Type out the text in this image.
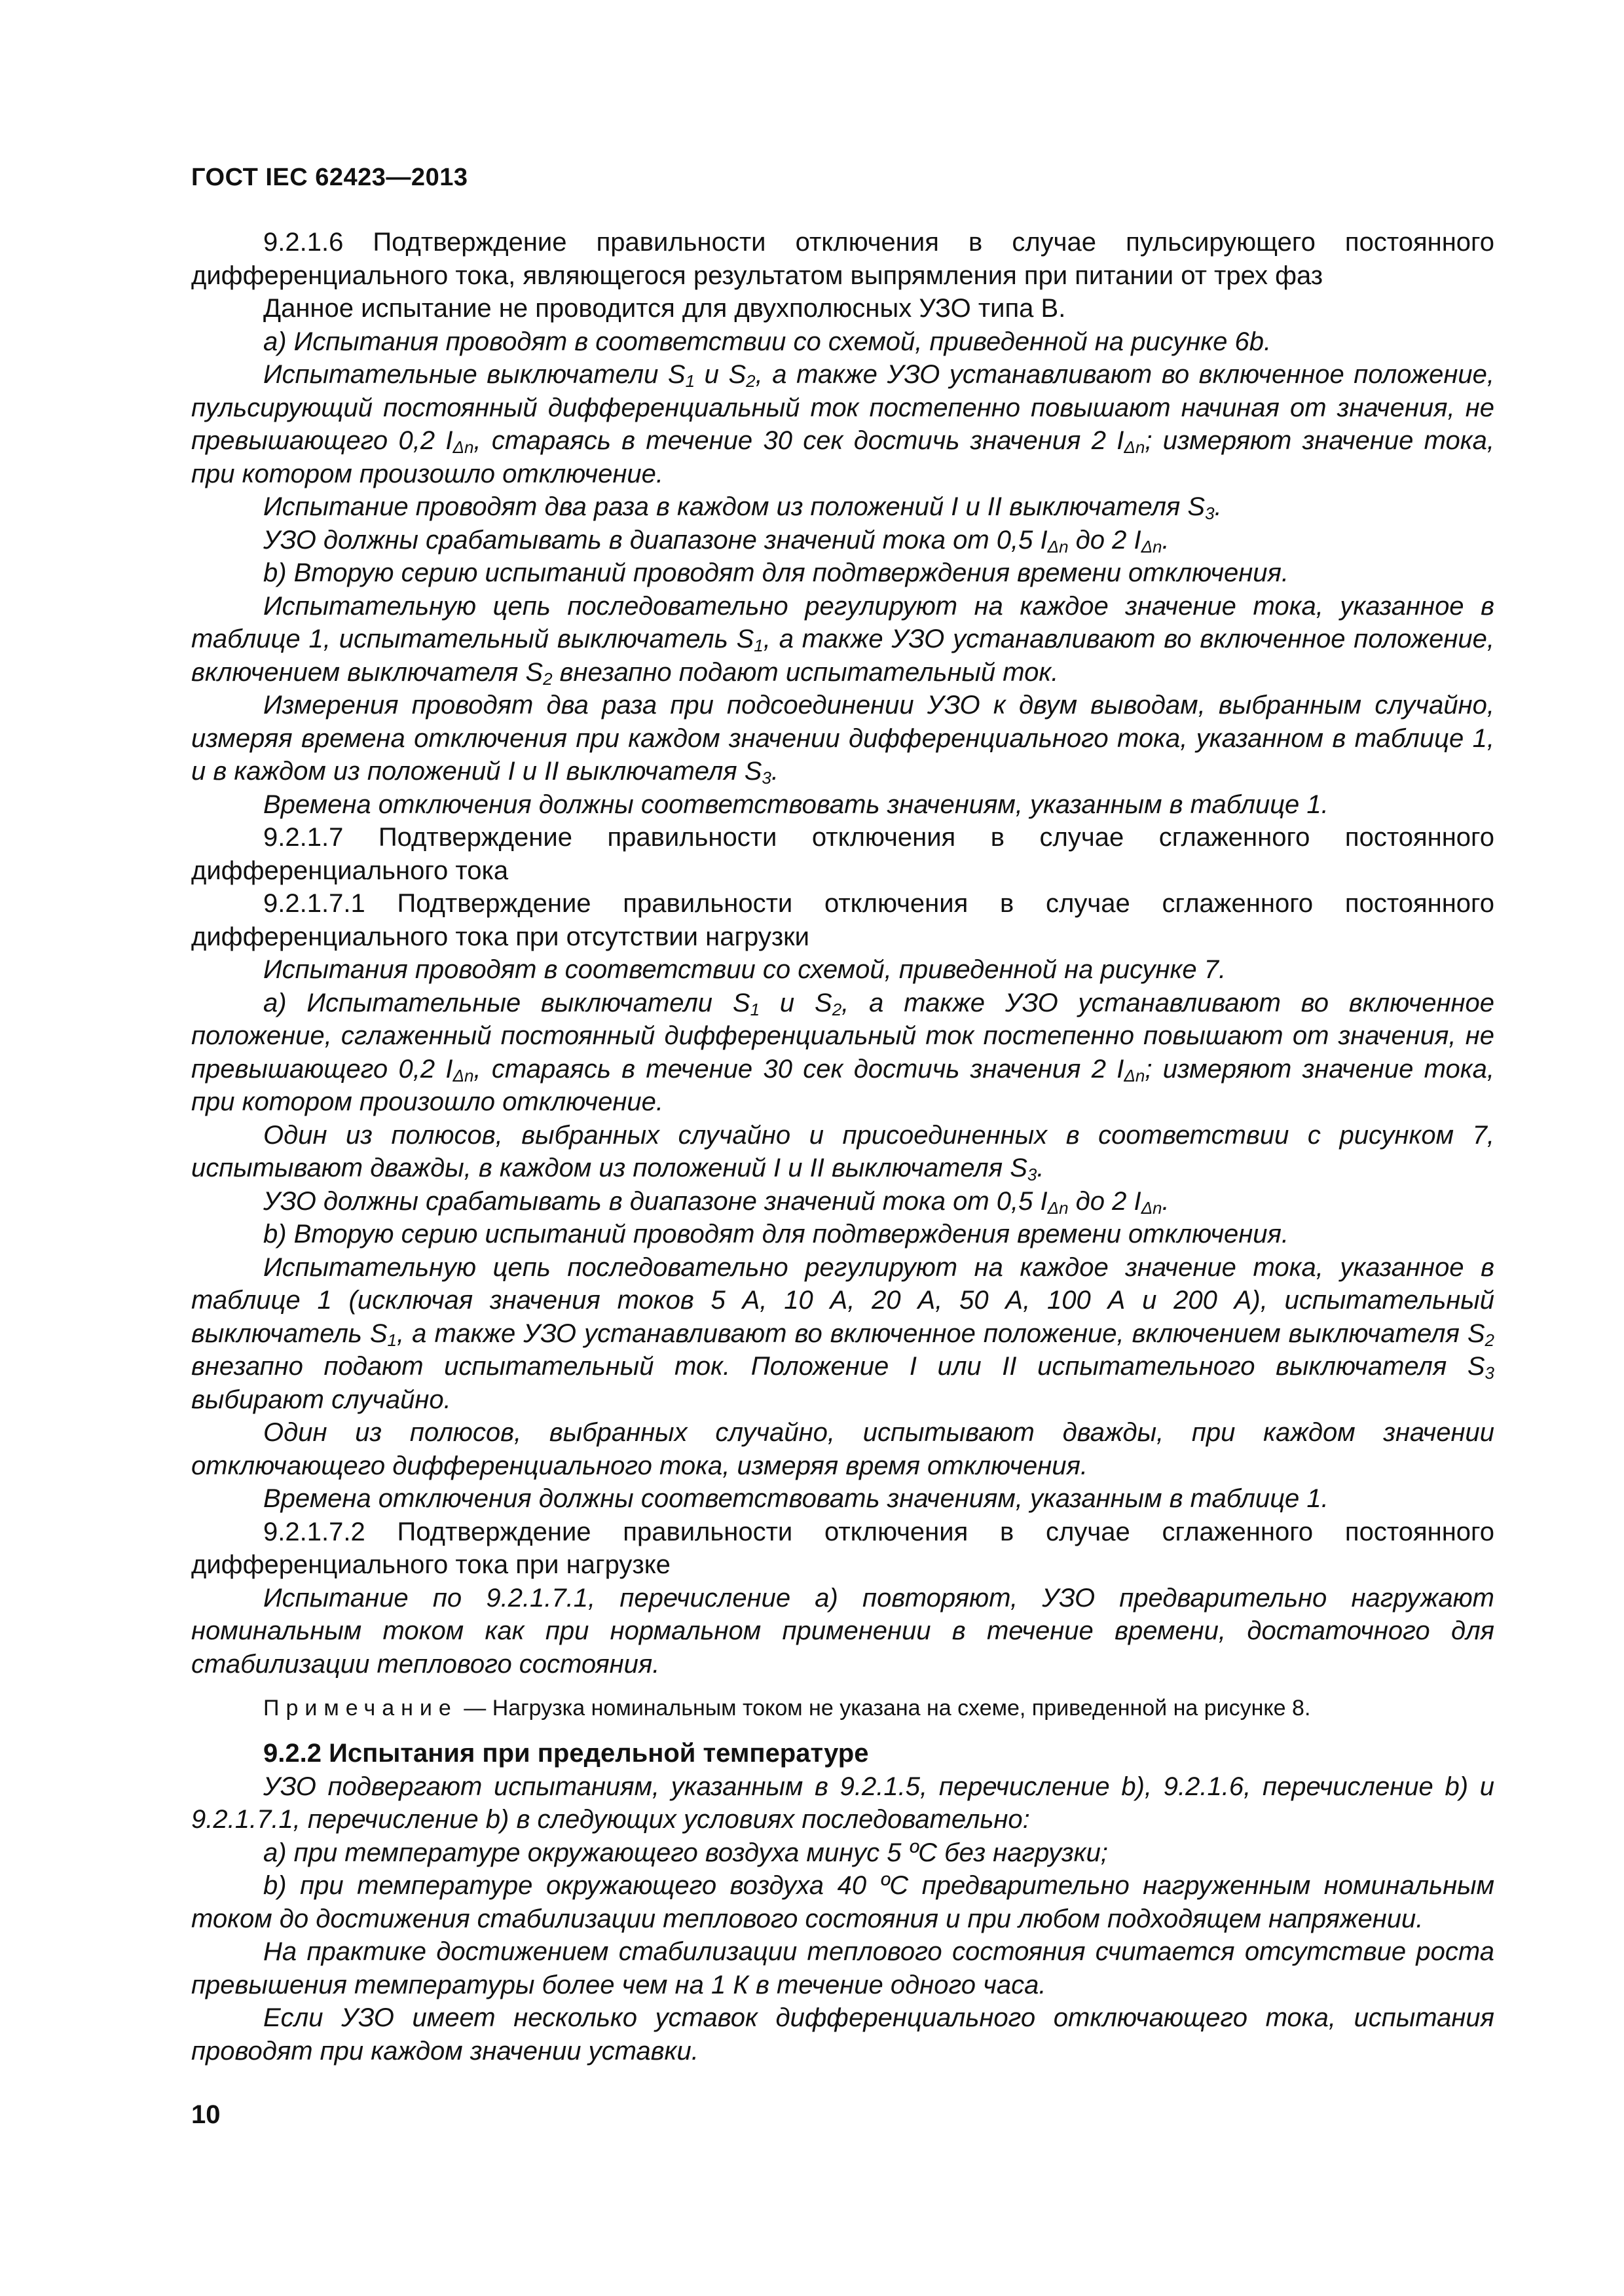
ГОСТ IEC 62423—2013

9.2.1.6 Подтверждение правильности отключения в случае пульсирующего постоянного дифференциального тока, являющегося результатом выпрямления при питании от трех фаз

Данное испытание не проводится для двухполюсных УЗО типа В.

a) Испытания проводят в соответствии со схемой, приведенной на рисунке 6b.

Испытательные выключатели $S_1$ и $S_2$, а также УЗО устанавливают во включенное положение, пульсирующий постоянный дифференциальный ток постепенно повышают начиная от значения, не превышающего 0,2 $I_{\Delta n}$, стараясь в течение 30 сек достичь значения 2 $I_{\Delta n}$; измеряют значение тока, при котором произошло отключение.

Испытание проводят два раза в каждом из положений I и II выключателя $S_3$.

УЗО должны срабатывать в диапазоне значений тока от 0,5 $I_{\Delta n}$ до 2 $I_{\Delta n}$.

b) Вторую серию испытаний проводят для подтверждения времени отключения.

Испытательную цепь последовательно регулируют на каждое значение тока, указанное в таблице 1, испытательный выключатель $S_1$, а также УЗО устанавливают во включенное положение, включением выключателя $S_2$ внезапно подают испытательный ток.

Измерения проводят два раза при подсоединении УЗО к двум выводам, выбранным случайно, измеряя времена отключения при каждом значении дифференциального тока, указанном в таблице 1, и в каждом из положений I и II выключателя $S_3$.

Времена отключения должны соответствовать значениям, указанным в таблице 1.

9.2.1.7 Подтверждение правильности отключения в случае сглаженного постоянного дифференциального тока

9.2.1.7.1 Подтверждение правильности отключения в случае сглаженного постоянного дифференциального тока при отсутствии нагрузки

Испытания проводят в соответствии со схемой, приведенной на рисунке 7.

a) Испытательные выключатели $S_1$ и $S_2$, а также УЗО устанавливают во включенное положение, сглаженный постоянный дифференциальный ток постепенно повышают от значения, не превышающего 0,2 $I_{\Delta n}$, стараясь в течение 30 сек достичь значения 2 $I_{\Delta n}$; измеряют значение тока, при котором произошло отключение.

Один из полюсов, выбранных случайно и присоединенных в соответствии с рисунком 7, испытывают дважды, в каждом из положений I и II выключателя $S_3$.

УЗО должны срабатывать в диапазоне значений тока от 0,5 $I_{\Delta n}$ до 2 $I_{\Delta n}$.

b) Вторую серию испытаний проводят для подтверждения времени отключения.

Испытательную цепь последовательно регулируют на каждое значение тока, указанное в таблице 1 (исключая значения токов 5 А, 10 А, 20 А, 50 А, 100 А и 200 А), испытательный выключатель $S_1$, а также УЗО устанавливают во включенное положение, включением выключателя $S_2$ внезапно подают испытательный ток. Положение I или II испытательного выключателя $S_3$ выбирают случайно.

Один из полюсов, выбранных случайно, испытывают дважды, при каждом значении отключающего дифференциального тока, измеряя время отключения.

Времена отключения должны соответствовать значениям, указанным в таблице 1.

9.2.1.7.2 Подтверждение правильности отключения в случае сглаженного постоянного дифференциального тока при нагрузке

Испытание по 9.2.1.7.1, перечисление а) повторяют, УЗО предварительно нагружают номинальным током как при нормальном применении в течение времени, достаточного для стабилизации теплового состояния.

Примечание — Нагрузка номинальным током не указана на схеме, приведенной на рисунке 8.

9.2.2 Испытания при предельной температуре

УЗО подвергают испытаниям, указанным в 9.2.1.5, перечисление b), 9.2.1.6, перечисление b) и 9.2.1.7.1, перечисление b) в следующих условиях последовательно:

a) при температуре окружающего воздуха минус 5 ºС без нагрузки;

b) при температуре окружающего воздуха 40 ºС предварительно нагруженным номинальным током до достижения стабилизации теплового состояния и при любом подходящем напряжении.

На практике достижением стабилизации теплового состояния считается отсутствие роста превышения температуры более чем на 1 К в течение одного часа.

Если УЗО имеет несколько уставок дифференциального отключающего тока, испытания проводят при каждом значении уставки.

10
